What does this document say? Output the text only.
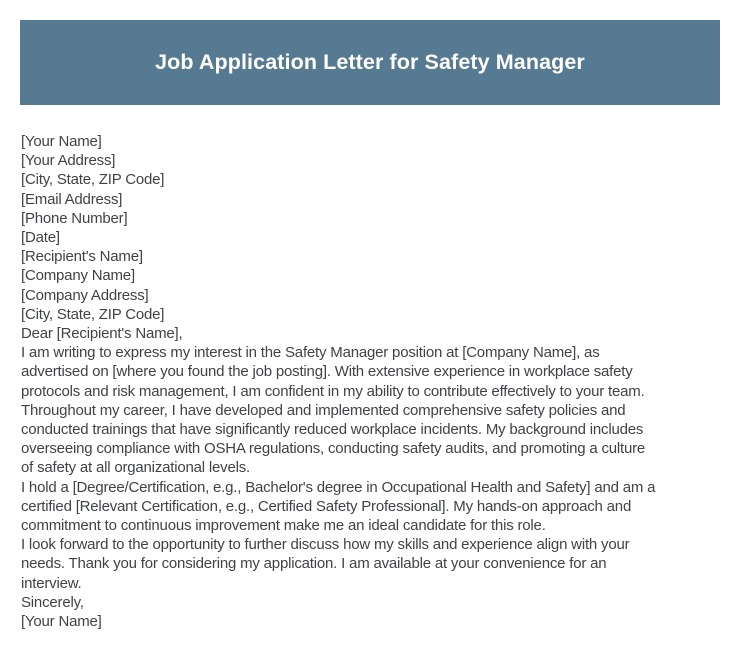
Job Application Letter for Safety Manager
[Your Name]
[Your Address]
[City, State, ZIP Code]
[Email Address]
[Phone Number]
[Date]
[Recipient's Name]
[Company Name]
[Company Address]
[City, State, ZIP Code]
Dear [Recipient's Name],
I am writing to express my interest in the Safety Manager position at [Company Name], as
advertised on [where you found the job posting]. With extensive experience in workplace safety
protocols and risk management, I am confident in my ability to contribute effectively to your team.
Throughout my career, I have developed and implemented comprehensive safety policies and
conducted trainings that have significantly reduced workplace incidents. My background includes
overseeing compliance with OSHA regulations, conducting safety audits, and promoting a culture
of safety at all organizational levels.
I hold a [Degree/Certification, e.g., Bachelor's degree in Occupational Health and Safety] and am a
certified [Relevant Certification, e.g., Certified Safety Professional]. My hands-on approach and
commitment to continuous improvement make me an ideal candidate for this role.
I look forward to the opportunity to further discuss how my skills and experience align with your
needs. Thank you for considering my application. I am available at your convenience for an
interview.
Sincerely,
[Your Name]
